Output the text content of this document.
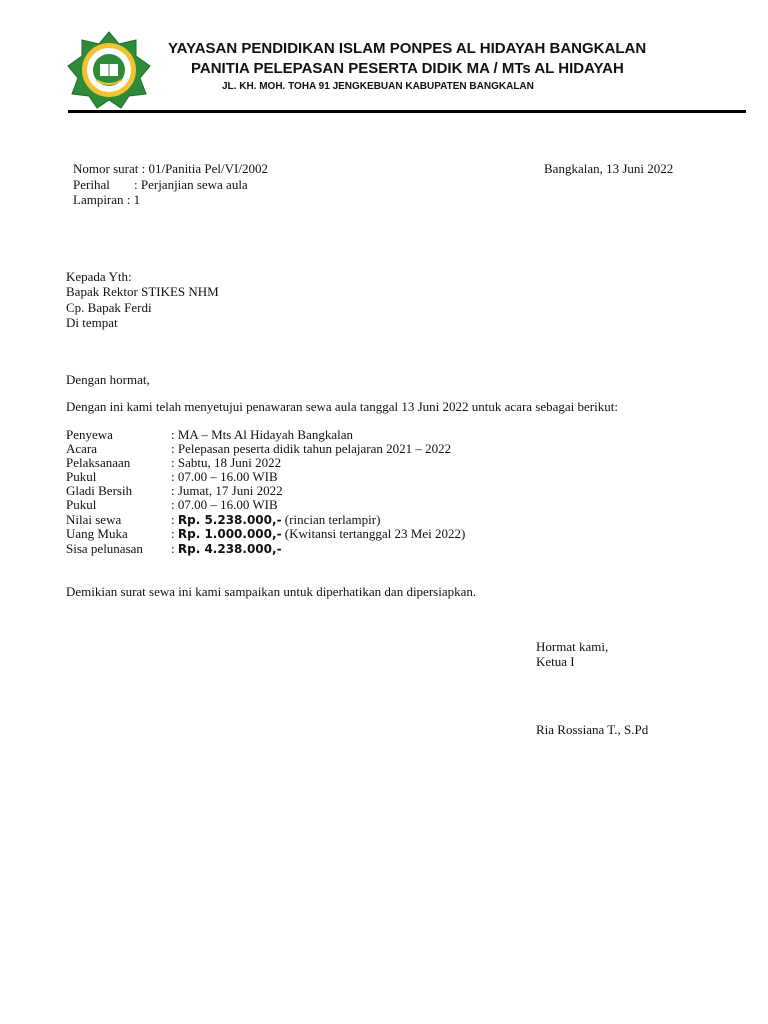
YAYASAN PENDIDIKAN ISLAM PONPES AL HIDAYAH BANGKALAN
PANITIA PELEPASAN PESERTA DIDIK MA / MTs AL HIDAYAH
JL. KH. MOH. TOHA 91 JENGKEBUAN KABUPATEN BANGKALAN
Nomor surat : 01/Panitia Pel/VI/2002	Bangkalan, 13 Juni 2022
Perihal : Perjanjian sewa aula
Lampiran : 1
Kepada Yth:
Bapak Rektor STIKES NHM
Cp. Bapak Ferdi
Di tempat
Dengan hormat,
Dengan ini kami telah menyetujui penawaran sewa aula tanggal 13 Juni 2022 untuk acara sebagai berikut:
Penyewa	: MA – Mts Al Hidayah Bangkalan
Acara	: Pelepasan peserta didik tahun pelajaran 2021 – 2022
Pelaksanaan	: Sabtu, 18 Juni 2022
Pukul	: 07.00 – 16.00 WIB
Gladi Bersih	: Jumat, 17 Juni 2022
Pukul	: 07.00 – 16.00 WIB
Nilai sewa	: Rp. 5.238.000,- (rincian terlampir)
Uang Muka	: Rp. 1.000.000,- (Kwitansi tertanggal 23 Mei 2022)
Sisa pelunasan : Rp. 4.238.000,-
Demikian surat sewa ini kami sampaikan untuk diperhatikan dan dipersiapkan.
Hormat kami,
Ketua I
Ria Rossiana T., S.Pd
